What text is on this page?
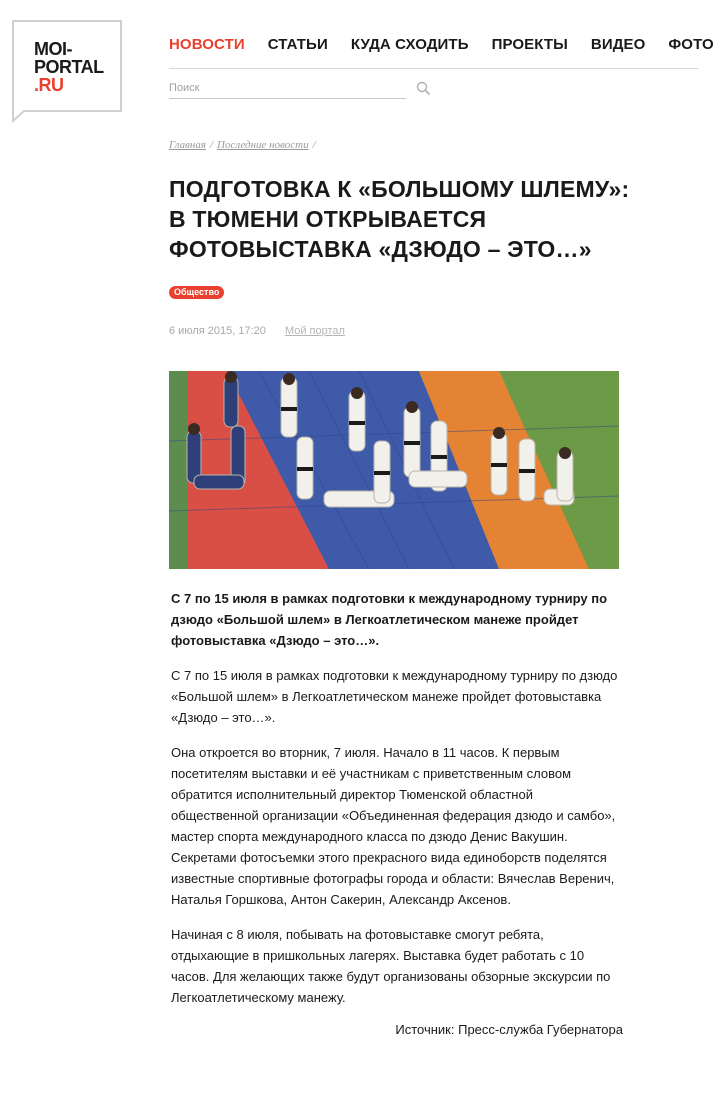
MOI-
PORTAL
.RU
НОВОСТИ СТАТЬИ КУДА СХОДИТЬ ПРОЕКТЫ ВИДЕО ФОТО
Поиск
Главная / Последние новости /
ПОДГОТОВКА К «БОЛЬШОМУ ШЛЕМУ»: В ТЮМЕНИ ОТКРЫВАЕТСЯ ФОТОВЫСТАВКА «ДЗЮДО – ЭТО…»
Общество
6 июля 2015, 17:20 Мой портал

С 7 по 15 июля в рамках подготовки к международному турниру по дзюдо «Большой шлем» в Легкоатлетическом манеже пройдет фотовыставка «Дзюдо – это…».

С 7 по 15 июля в рамках подготовки к международному турниру по дзюдо «Большой шлем» в Легкоатлетическом манеже пройдет фотовыставка «Дзюдо – это…».

Она откроется во вторник, 7 июля. Начало в 11 часов. К первым посетителям выставки и её участникам с приветственным словом обратится исполнительный директор Тюменской областной общественной организации «Объединенная федерация дзюдо и самбо», мастер спорта международного класса по дзюдо Денис Вакушин. Секретами фотосъемки этого прекрасного вида единоборств поделятся известные спортивные фотографы города и области: Вячеслав Веренич, Наталья Горшкова, Антон Сакерин, Александр Аксенов.

Начиная с 8 июля, побывать на фотовыставке смогут ребята, отдыхающие в пришкольных лагерях. Выставка будет работать с 10 часов. Для желающих также будут организованы обзорные экскурсии по Легкоатлетическому манежу.

Источник: Пресс-служба Губернатора
